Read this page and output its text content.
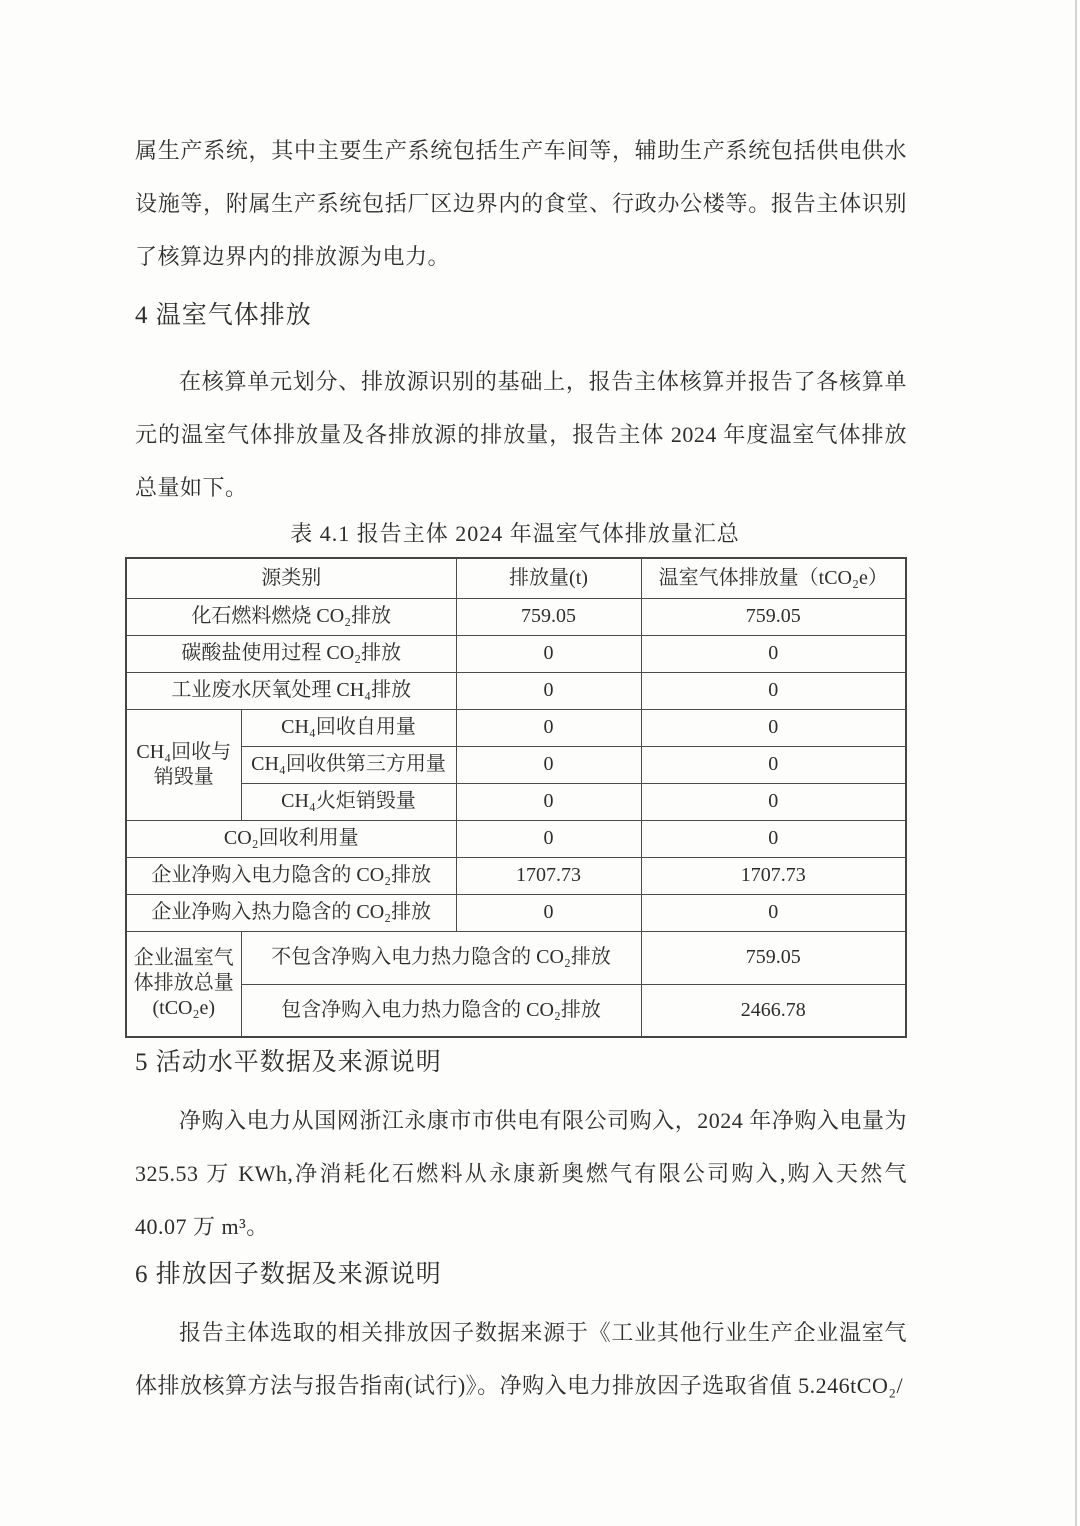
属生产系统，其中主要生产系统包括生产车间等，辅助生产系统包括供电供水设施等，附属生产系统包括厂区边界内的食堂、行政办公楼等。报告主体识别了核算边界内的排放源为电力。

4 温室气体排放

在核算单元划分、排放源识别的基础上，报告主体核算并报告了各核算单元的温室气体排放量及各排放源的排放量，报告主体 2024 年度温室气体排放总量如下。

表 4.1 报告主体 2024 年温室气体排放量汇总
源类别		排放量(t)	温室气体排放量（tCO₂e）
化石燃料燃烧 CO₂排放		759.05	759.05
碳酸盐使用过程 CO₂排放		0	0
工业废水厌氧处理 CH₄排放		0	0
CH₄回收与销毁量	CH₄回收自用量	0	0
	CH₄回收供第三方用量	0	0
	CH₄火炬销毁量	0	0
CO₂回收利用量		0	0
企业净购入电力隐含的 CO₂排放		1707.73	1707.73
企业净购入热力隐含的 CO₂排放		0	0
企业温室气体排放总量
(tCO₂e)	不包含净购入电力热力隐含的 CO₂排放		759.05
	包含净购入电力热力隐含的 CO₂排放		2466.78
5 活动水平数据及来源说明

净购入电力从国网浙江永康市市供电有限公司购入，2024 年净购入电量为 325.53 万 KWh,净消耗化石燃料从永康新奥燃气有限公司购入,购入天然气 40.07 万 m³。

6 排放因子数据及来源说明

报告主体选取的相关排放因子数据来源于《工业其他行业生产企业温室气体排放核算方法与报告指南(试行)》。净购入电力排放因子选取省值 5.246tCO₂/
